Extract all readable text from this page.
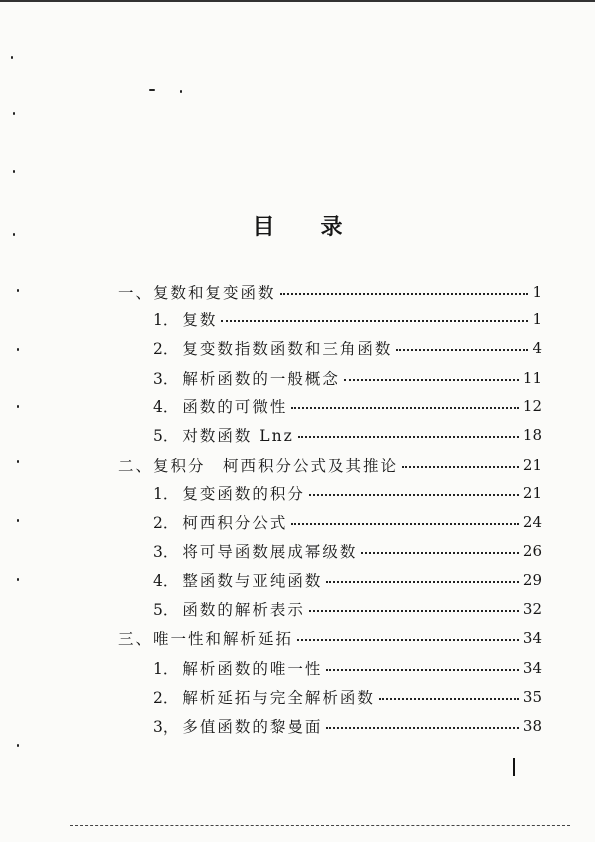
目 录
一、复数和复变函数	1
1． 复数	1
2． 复变数指数函数和三角函数	4
3． 解析函数的一般概念	11
4． 函数的可微性	12
5． 对数函数 Lnz	18
二、复积分　柯西积分公式及其推论	21
1． 复变函数的积分	21
2． 柯西积分公式	24
3． 将可导函数展成幂级数	26
4． 整函数与亚纯函数	29
5． 函数的解析表示	32
三、唯一性和解析延拓	34
1． 解析函数的唯一性	34
2． 解析延拓与完全解析函数	35
3， 多值函数的黎曼面	38
